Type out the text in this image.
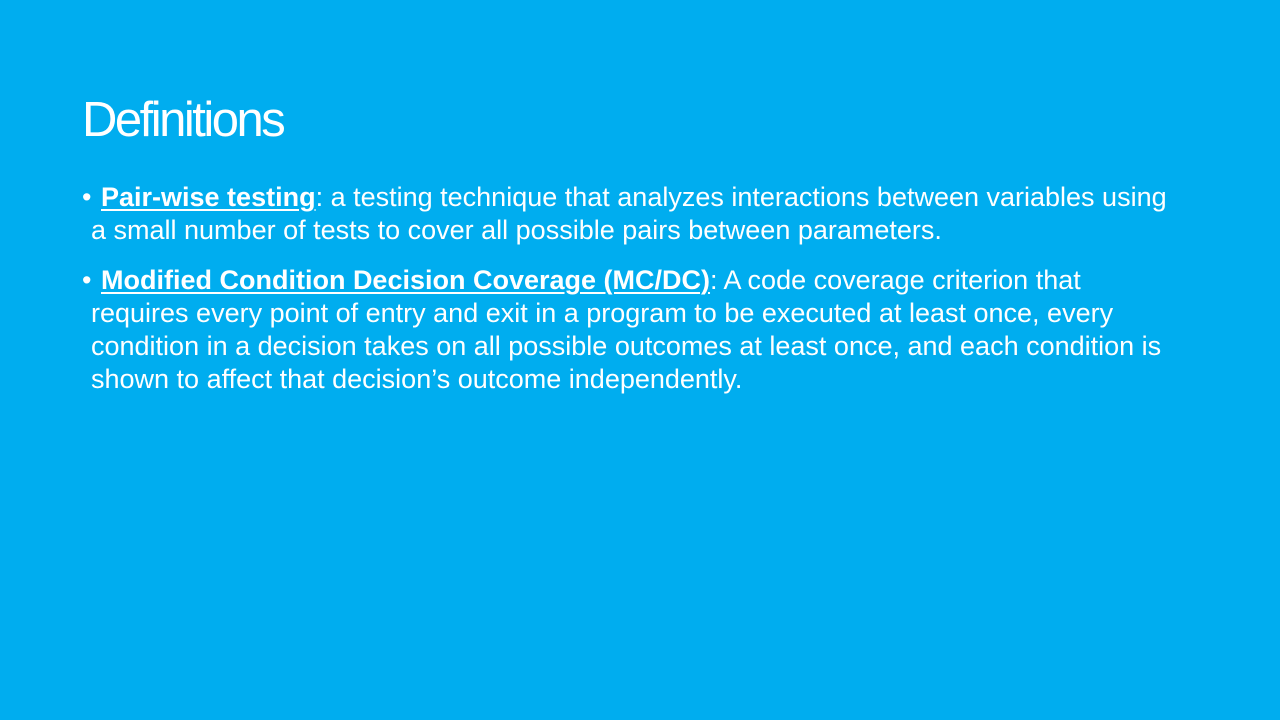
Definitions
• Pair-wise testing: a testing technique that analyzes interactions between variables using a small number of tests to cover all possible pairs between parameters.
• Modified Condition Decision Coverage (MC/DC): A code coverage criterion that requires every point of entry and exit in a program to be executed at least once, every condition in a decision takes on all possible outcomes at least once, and each condition is shown to affect that decision’s outcome independently.
